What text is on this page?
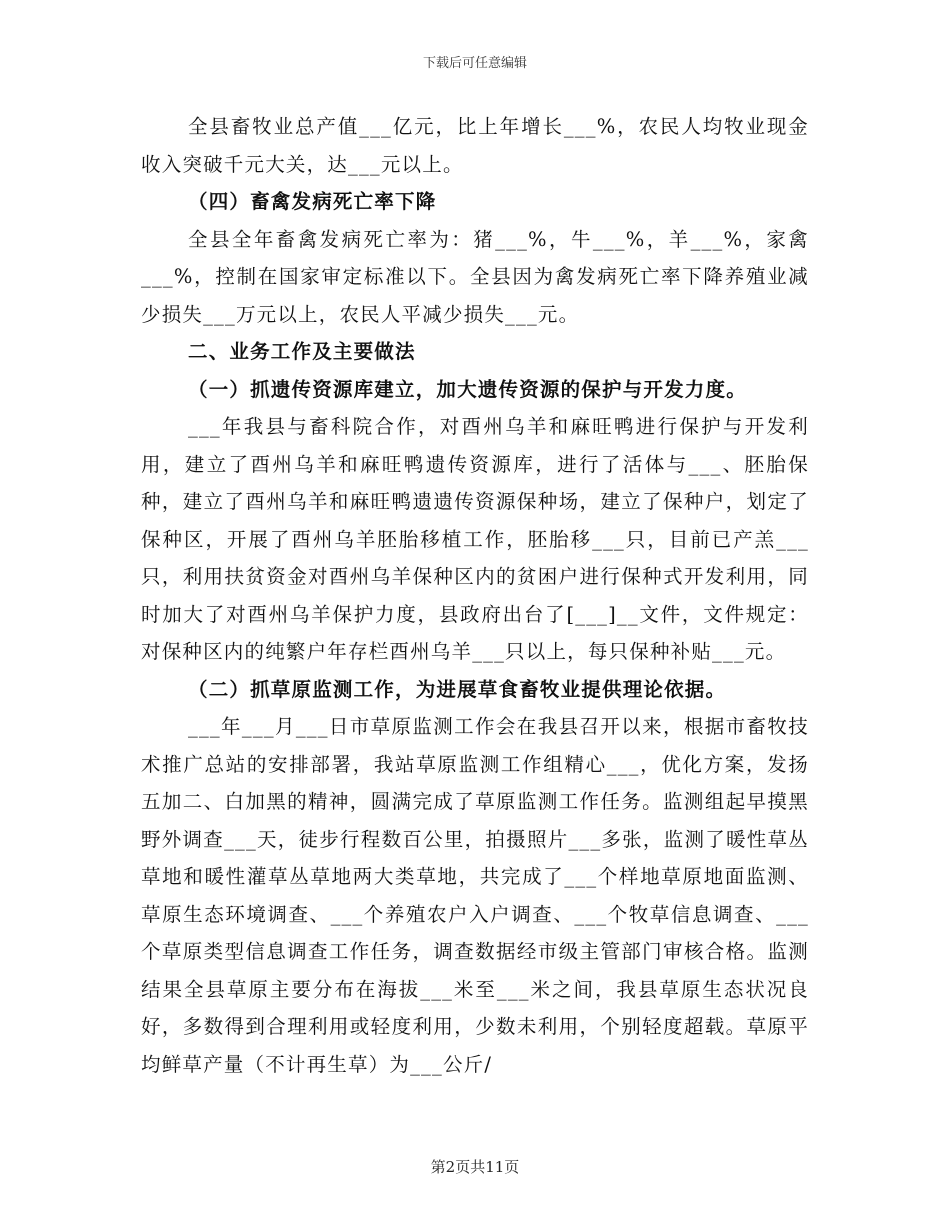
下载后可任意编辑

全县畜牧业总产值___亿元，比上年增长___%，农民人均牧业现金收入突破千元大关，达___元以上。

（四）畜禽发病死亡率下降

全县全年畜禽发病死亡率为：猪___%，牛___%，羊___%，家禽___%，控制在国家审定标准以下。全县因为禽发病死亡率下降养殖业减少损失___万元以上，农民人平减少损失___元。

二、业务工作及主要做法

（一）抓遗传资源库建立，加大遗传资源的保护与开发力度。

___年我县与畜科院合作，对酉州乌羊和麻旺鸭进行保护与开发利用，建立了酉州乌羊和麻旺鸭遗传资源库，进行了活体与___、胚胎保种，建立了酉州乌羊和麻旺鸭遗遗传资源保种场，建立了保种户，划定了保种区，开展了酉州乌羊胚胎移植工作，胚胎移___只，目前已产羔___只，利用扶贫资金对酉州乌羊保种区内的贫困户进行保种式开发利用，同时加大了对酉州乌羊保护力度，县政府出台了[___]__文件，文件规定：对保种区内的纯繁户年存栏酉州乌羊___只以上，每只保种补贴___元。

（二）抓草原监测工作，为进展草食畜牧业提供理论依据。

___年___月___日市草原监测工作会在我县召开以来，根据市畜牧技术推广总站的安排部署，我站草原监测工作组精心___，优化方案，发扬五加二、白加黑的精神，圆满完成了草原监测工作任务。监测组起早摸黑野外调查___天，徒步行程数百公里，拍摄照片___多张，监测了暖性草丛草地和暖性灌草丛草地两大类草地，共完成了___个样地草原地面监测、草原生态环境调查、___个养殖农户入户调查、___个牧草信息调查、___个草原类型信息调查工作任务，调查数据经市级主管部门审核合格。监测结果全县草原主要分布在海拔___米至___米之间，我县草原生态状况良好，多数得到合理利用或轻度利用，少数未利用，个别轻度超载。草原平均鲜草产量（不计再生草）为___公斤/

第2页共11页
